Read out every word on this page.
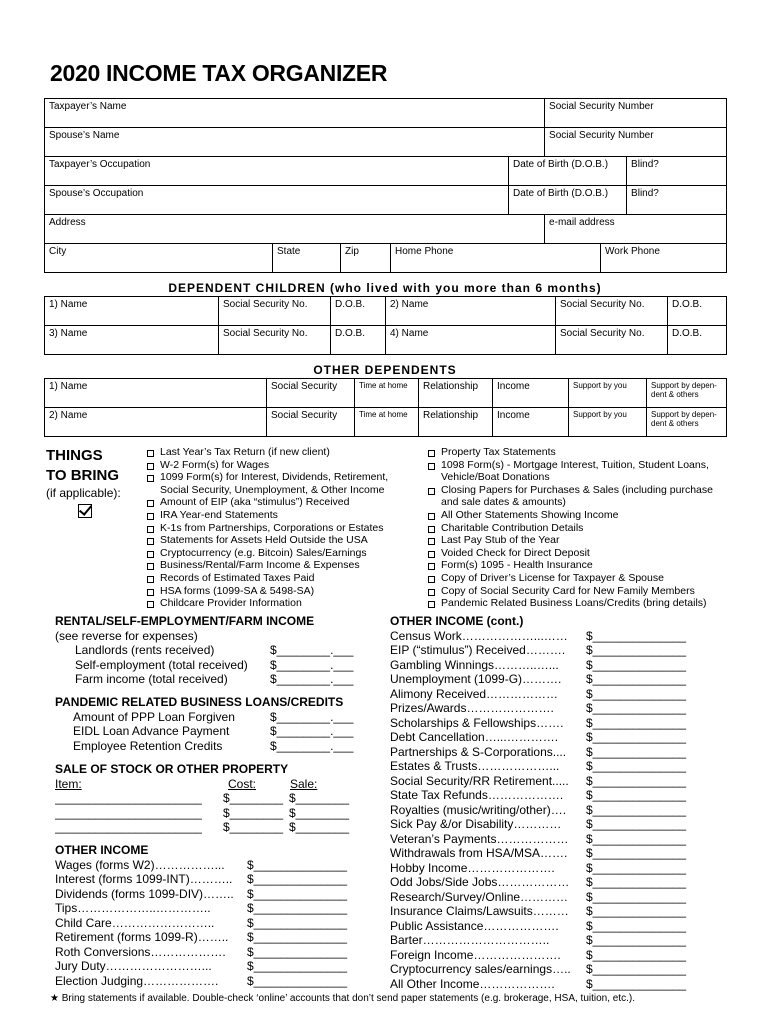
2020 INCOME TAX ORGANIZER
Taxpayer’s Name					Social Security Number		
Spouse’s Name					Social Security Number		
Taxpayer’s Occupation				Date of Birth (D.O.B.)			Blind?
Spouse’s Occupation				Date of Birth (D.O.B.)			Blind?
Address					e-mail address		
City	State	Zip	Home Phone			Work Phone	
DEPENDENT CHILDREN (who lived with you more than 6 months)
1) Name	Social Security No.	D.O.B.	2) Name	Social Security No.	D.O.B.
3) Name	Social Security No.	D.O.B.	4) Name	Social Security No.	D.O.B.
OTHER DEPENDENTS
1) Name	Social Security	Time at home	Relationship	Income	Support by you	Support by depen-dent & others
2) Name	Social Security	Time at home	Relationship	Income	Support by you	Support by depen-dent & others
THINGS
TO BRING
(if applicable):
Last Year’s Tax Return (if new client)
W-2 Form(s) for Wages
1099 Form(s) for Interest, Dividends, Retirement,
Social Security, Unemployment, & Other Income
Amount of EIP (aka “stimulus”) Received
IRA Year-end Statements
K-1s from Partnerships, Corporations or Estates
Statements for Assets Held Outside the USA
Cryptocurrency (e.g. Bitcoin) Sales/Earnings
Business/Rental/Farm Income & Expenses
Records of Estimated Taxes Paid
HSA forms (1099-SA & 5498-SA)
Childcare Provider Information
Property Tax Statements
1098 Form(s) - Mortgage Interest, Tuition, Student Loans,
Vehicle/Boat Donations
Closing Papers for Purchases & Sales (including purchase
and sale dates & amounts)
All Other Statements Showing Income
Charitable Contribution Details
Last Pay Stub of the Year
Voided Check for Direct Deposit
Form(s) 1095 - Health Insurance
Copy of Driver’s License for Taxpayer & Spouse
Copy of Social Security Card for New Family Members
Pandemic Related Business Loans/Credits (bring details)
RENTAL/SELF-EMPLOYMENT/FARM INCOME
(see reverse for expenses)
Landlords (rents received)	$________.___
Self-employment (total received)	$________.___
Farm income (total received)	$________.___
PANDEMIC RELATED BUSINESS LOANS/CREDITS
Amount of PPP Loan Forgiven	$________.___
EIDL Loan Advance Payment	$________.___
Employee Retention Credits	$________.___
SALE OF STOCK OR OTHER PROPERTY
Item:	Cost:	Sale:
______________________	$________ $________
______________________	$________ $________
______________________	$________ $________
OTHER INCOME
Wages (forms W2)……………...	$______________
Interest (forms 1099-INT)………..	$______________
Dividends (forms 1099-DIV)……..	$______________
Tips………………..…………..	$______________
Child Care……………………..	$______________
Retirement (forms 1099-R)……..	$______________
Roth Conversions……………….	$______________
Jury Duty……………………...	$______________
Election Judging……………….	$______________
OTHER INCOME (cont.)
Census Work………………...……	$______________
EIP (“stimulus”) Received……….	$______________
Gambling Winnings………..…...	$______________
Unemployment (1099-G)……….	$______________
Alimony Received………………	$______________
Prizes/Awards………………….	$______________
Scholarships & Fellowships…….	$______________
Debt Cancellation…...………….	$______________
Partnerships & S-Corporations....	$______________
Estates & Trusts………………...	$______________
Social Security/RR Retirement.....	$______________
State Tax Refunds……………….	$______________
Royalties (music/writing/other)….	$______________
Sick Pay &/or Disability…………	$______________
Veteran’s Payments………………	$______________
Withdrawals from HSA/MSA…….	$______________
Hobby Income………………….	$______________
Odd Jobs/Side Jobs………………	$______________
Research/Survey/Online…………	$______________
Insurance Claims/Lawsuits………	$______________
Public Assistance……………….	$______________
Barter…………………………..	$______________
Foreign Income………………….	$______________
Cryptocurrency sales/earnings…..	$______________
All Other Income……………….	$______________
★ Bring statements if available. Double-check ‘online’ accounts that don’t send paper statements (e.g. brokerage, HSA, tuition, etc.).
